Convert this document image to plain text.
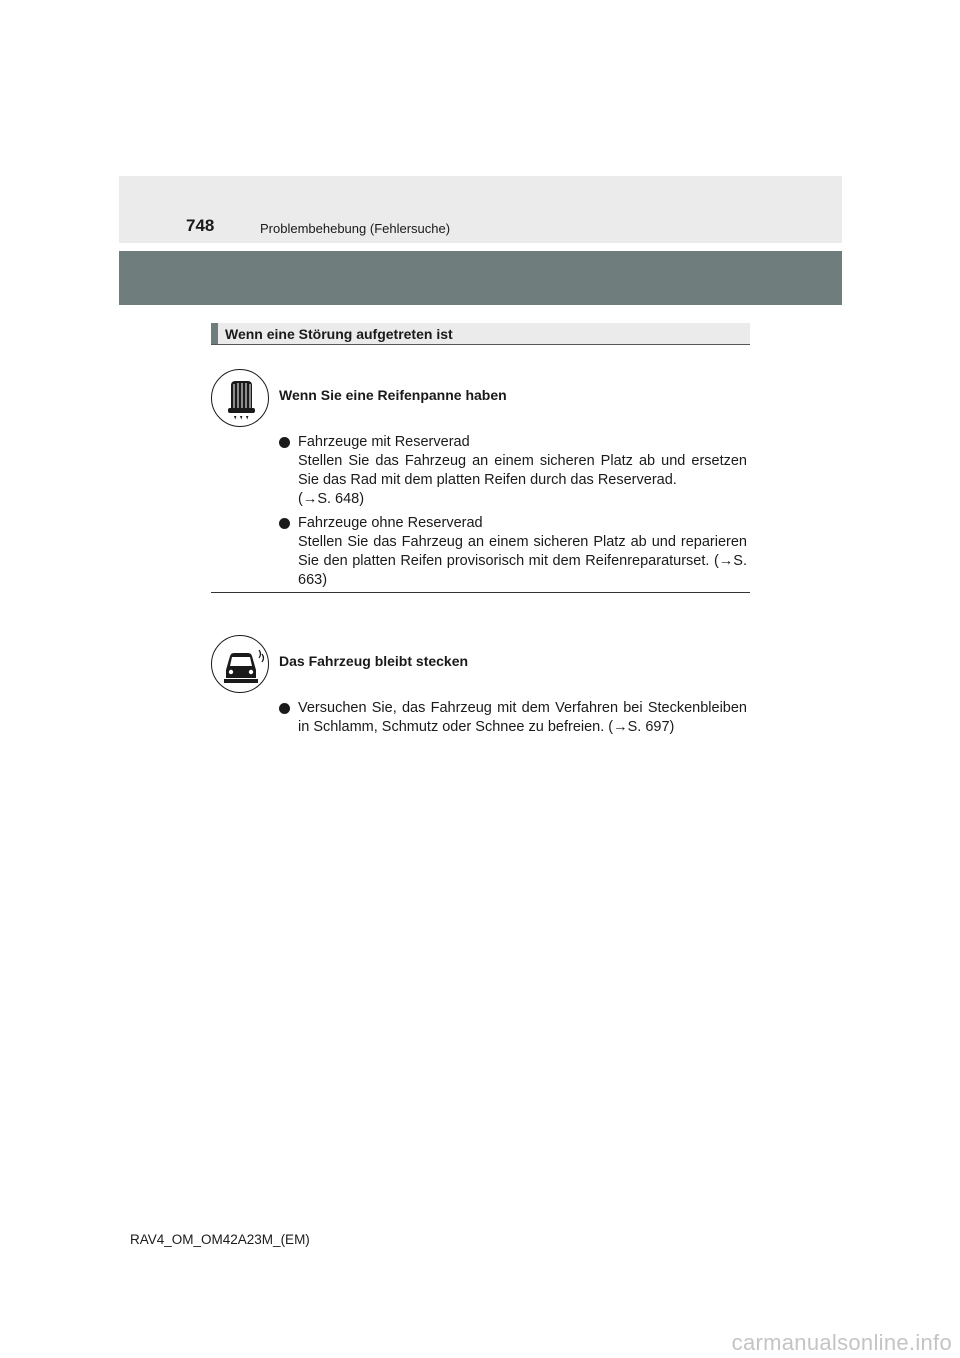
748	Problembehebung (Fehlersuche)
Wenn eine Störung aufgetreten ist
Wenn Sie eine Reifenpanne haben
Fahrzeuge mit Reserverad
Stellen Sie das Fahrzeug an einem sicheren Platz ab und ersetzen Sie das Rad mit dem platten Reifen durch das Reserverad.
(→S. 648)
Fahrzeuge ohne Reserverad
Stellen Sie das Fahrzeug an einem sicheren Platz ab und reparieren Sie den platten Reifen provisorisch mit dem Reifenreparaturset. (→S. 663)
Das Fahrzeug bleibt stecken
Versuchen Sie, das Fahrzeug mit dem Verfahren bei Steckenbleiben in Schlamm, Schmutz oder Schnee zu befreien. (→S. 697)
RAV4_OM_OM42A23M_(EM)
carmanualsonline.info
